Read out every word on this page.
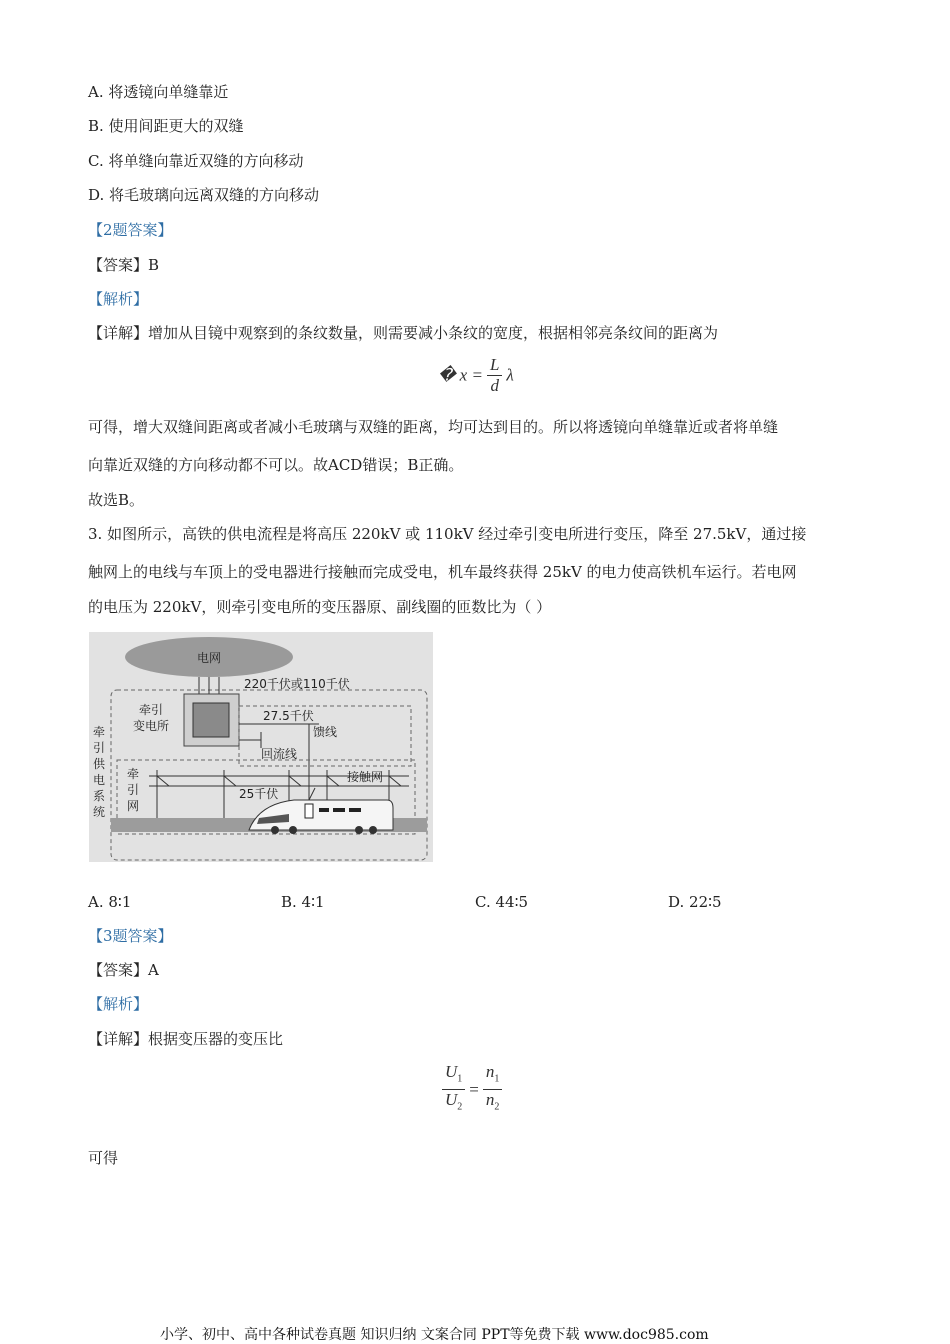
A. 将透镜向单缝靠近
B. 使用间距更大的双缝
C. 将单缝向靠近双缝的方向移动
D. 将毛玻璃向远离双缝的方向移动
【2题答案】
【答案】B
【解析】
【详解】增加从目镜中观察到的条纹数量，则需要减小条纹的宽度，根据相邻亮条纹间的距离为
� $x = \frac{L}{d}$ λ
可得，增大双缝间距离或者减小毛玻璃与双缝的距离，均可达到目的。所以将透镜向单缝靠近或者将单缝
向靠近双缝的方向移动都不可以。故ACD错误；B正确。
故选B。
3. 如图所示，高铁的供电流程是将高压 220kV 或 110kV 经过牵引变电所进行变压，降至 27.5kV，通过接
触网上的电线与车顶上的受电器进行接触而完成受电，机车最终获得 25kV 的电力使高铁机车运行。若电网
的电压为 220kV，则牵引变电所的变压器原、副线圈的匝数比为（ ）
电网
220千伏或110千伏
牵引
变电所
27.5千伏
馈线
回流线
牵
引
供
电
系
统
牵
引
网
接触网
25千伏
A. 8∶1	B. 4∶1	C. 44∶5	D. 22∶5
【3题答案】
【答案】A
【解析】
【详解】根据变压器的变压比
$\frac{U_1}{U_2} = \frac{n_1}{n_2}$
可得
小学、初中、高中各种试卷真题 知识归纳 文案合同 PPT等免费下载 www.doc985.com
